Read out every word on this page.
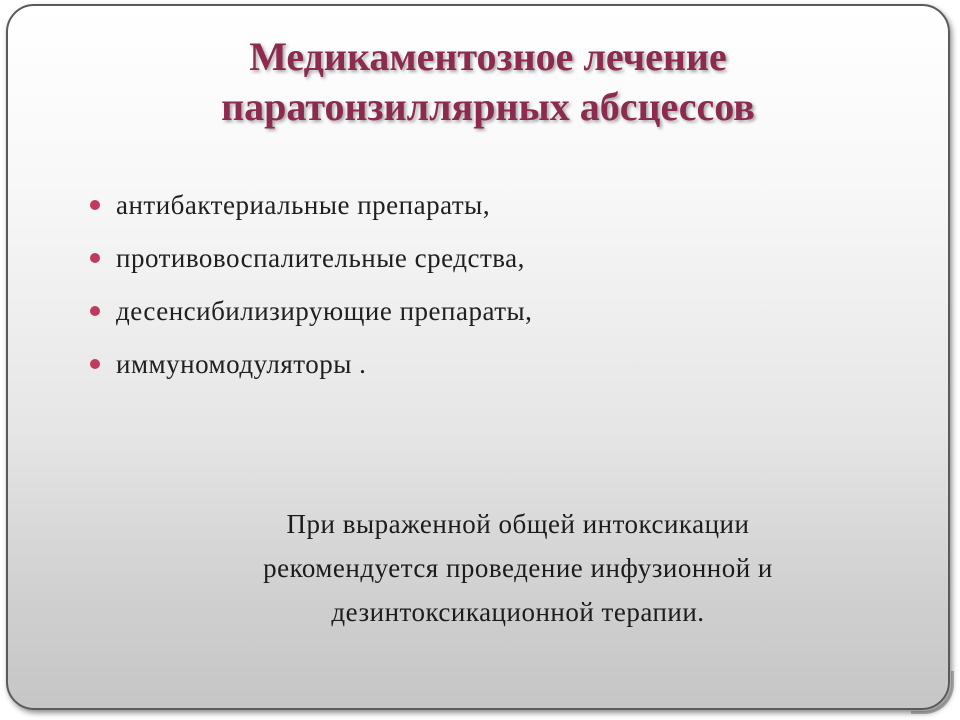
Медикаментозное лечение
паратонзиллярных абсцессов
антибактериальные препараты,
противовоспалительные средства,
десенсибилизирующие препараты,
иммуномодуляторы .
При выраженной общей интоксикации
рекомендуется проведение инфузионной и
дезинтоксикационной терапии.
